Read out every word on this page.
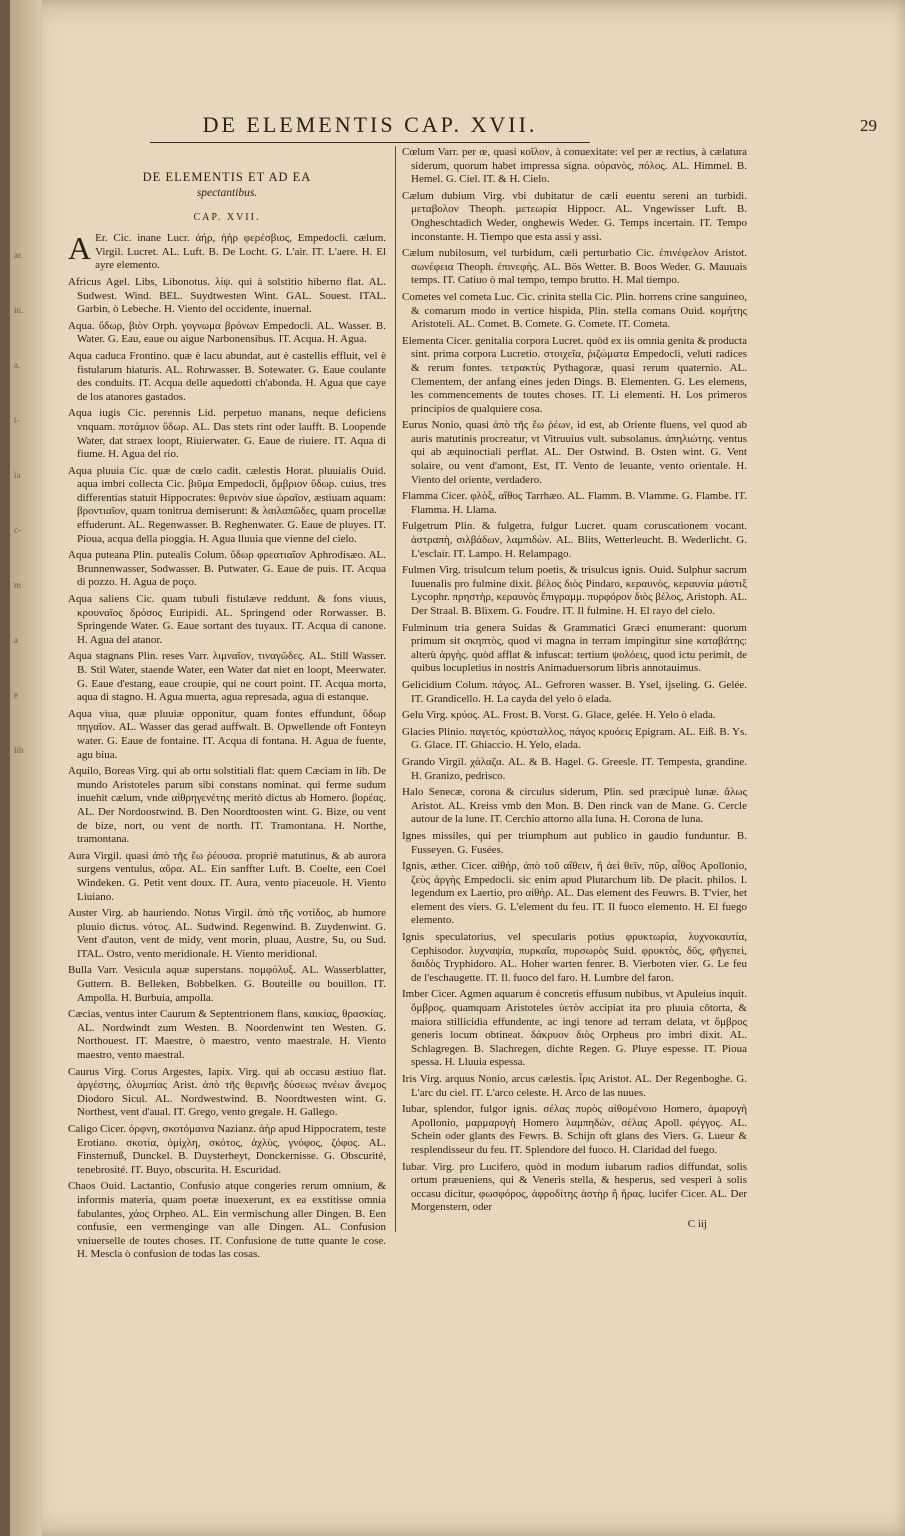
ar.
in.
a.
t-
ia
c-
m
a
e
lib
DE ELEMENTIS CAP. XVII.	29
DE ELEMENTIS ET AD EA
spectantibus.
CAP. XVII.

A Er. Cic. inane Lucr. ἀήρ, ἠὴρ φερέσβιος, Empedocli. cælum. Virgil. Lucret. AL. Luft. B. De Locht. G. L'air. IT. L'aere. H. El ayre elemento.

Africus Agel. Libs, Libonotus. λίψ. qui à solstitio hiberno flat. AL. Sudwest. Wind. BEL. Suydtwesten Wint. GAL. Souest. ITAL. Garbin, ò Lebeche. H. Viento del occidente, inuernal.

Aqua. ὕδωρ, βιὸν Orph. γογνωμα βρόνων Empedocli. AL. Wasser. B. Water. G. Eau, eaue ou aigue Narbonensibus. IT. Acqua. H. Agua.

Aqua caduca Frontino. quæ è lacu abundat, aut è castellis effluit, vel è fistularum hiaturis. AL. Rohrwasser. B. Sotewater. G. Eaue coulante des conduits. IT. Acqua delle aquedotti ch'abonda. H. Agua que caye de los atanores gastados.

Aqua iugis Cic. perennis Lid. perpetuo manans, neque deficiens vnquam. ποτάμιον ὕδωρ. AL. Das stets rint oder laufft. B. Loopende Water, dat straex loopt, Riuierwater. G. Eaue de riuiere. IT. Aqua di fiume. H. Agua del rio.

Aqua pluuia Cic. quæ de cœlo cadit. cælestis Horat. pluuialis Ouid. aqua imbri collecta Cic. βιῦμα Empedocli, ὄμβριον ὕδωρ. cuius, tres differentias statuit Hippocrates: θερινὸν siue ὡραῖον, æstiuam aquam: βροντιαῖον, quam tonitrua demiserunt: & λαιλαπῶδες, quam procellæ effuderunt. AL. Regenwasser. B. Reghenwater. G. Eaue de pluyes. IT. Pioua, acqua della pioggia. H. Agua lluuia que vienne del cielo.

Aqua puteana Plin. putealis Colum. ὕδωρ φρεατιαῖον Aphrodisæo. AL. Brunnenwasser, Sodwasser. B. Putwater. G. Eaue de puis. IT. Acqua di pozzo. H. Agua de poço.

Aqua saliens Cic. quam tubuli fistulæve reddunt. & fons viuus, κρουναῖος δρόσος Euripidi. AL. Springend oder Rorwasser. B. Springende Water. G. Eaue sortant des tuyaux. IT. Acqua di canone. H. Agua del atanor.

Aqua stagnans Plin. reses Varr. λιμναῖον, τιναγῶδες. AL. Still Wasser. B. Stil Water, staende Water, een Water dat niet en loopt, Meerwater. G. Eaue d'estang, eaue croupie, qui ne court point. IT. Acqua morta, aqua di stagno. H. Agua muerta, agua represada, agua di estanque.

Aqua viua, quæ pluuiæ opponitur, quam fontes effundunt, ὕδωρ πηγαῖον. AL. Wasser das gerad auffwalt. B. Opwellende oft Fonteyn water. G. Eaue de fontaine. IT. Acqua di fontana. H. Agua de fuente, agu biua.

Aquilo, Boreas Virg. qui ab ortu solstitiali flat: quem Cæciam in lib. De mundo Aristoteles parum sibi constans nominat. qui ferme sudum inuehit cælum, vnde αἰθρηγενέτης meritò dictus ab Homero. βορέας. AL. Der Nordoostwind. B. Den Noordtoosten wint. G. Bize, ou vent de bize, nort, ou vent de north. IT. Tramontana. H. Northe, tramontana.

Aura Virgil. quasi ἀπὸ τῆς ἕω ῥέουσα. propriè matutinus, & ab aurora surgens ventulus, αὔρα. AL. Ein sanffter Luft. B. Coelte, een Coel Windeken. G. Petit vent doux. IT. Aura, vento piaceuole. H. Viento Liuiano.

Auster Virg. ab hauriendo. Notus Virgil. ἀπὸ τῆς νοτίδος, ab humore pluuio dictus. νότος. AL. Sudwind. Regenwind. B. Zuydenwint. G. Vent d'auton, vent de midy, vent morin, pluau, Austre, Su, ou Sud. ITAL. Ostro, vento meridionale. H. Viento meridional.

Bulla Varr. Vesicula aquæ superstans. πομφόλυξ. AL. Wasserblatter, Guttern. B. Belleken, Bobbelken. G. Bouteille ou bouillon. IT. Ampolla. H. Burbuia, ampolla.

Cæcias, ventus inter Caurum & Septentrionem flans, καικίας, θρασκίας. AL. Nordwindt zum Westen. B. Noordenwint ten Westen. G. Northouest. IT. Maestre, ò maestro, vento maestrale. H. Viento maestro, vento maestral.

Caurus Virg. Corus Argestes, Iapix. Virg. qui ab occasu æstiuo flat. ἀργέστης, ὀλυμπίας Arist. ἀπὸ τῆς θερινῆς δύσεως πνέων ἄνεμος Diodoro Sicul. AL. Nordwestwind. B. Noordtwesten wint. G. Northest, vent d'aual. IT. Grego, vento gregale. H. Gallego.

Caligo Cicer. ὀρφνη, σκοτόμαινα Nazianz. ἀὴρ apud Hippocratem, teste Erotiano. σκοτία, ὀμίχλη, σκότος, ἀχλὺς, γνόφος, ζόφος. AL. Finsternuß, Dunckel. B. Duysterheyt, Donckernisse. G. Obscurité, tenebrosité. IT. Buyo, obscurita. H. Escuridad.

Chaos Ouid. Lactantio, Confusio atque congeries rerum omnium, & informis materia, quam poetæ inuexerunt, ex ea exstitisse omnia fabulantes, χάος Orpheo. AL. Ein vermischung aller Dingen. B. Een confusie, een vermenginge van alle Dingen. AL. Confusion vniuerselle de toutes choses. IT. Confusione de tutte quante le cose. H. Mescla ò confusion de todas las cosas.

Cœlum Varr. per œ, quasi κοῖλον, à conuexitate: vel per æ rectius, à cælatura siderum, quorum habet impressa signa. οὐρανὸς, πόλος. AL. Himmel. B. Hemel. G. Ciel. IT. & H. Cielo.

Cælum dubium Virg. vbi dubitatur de cæli euentu sereni an turbidi. μεταβολον Theoph. μετεωρία Hippocr. AL. Vngewisser Luft. B. Ongheschtadich Weder, onghewis Weder. G. Temps incertain. IT. Tempo inconstante. H. Tiempo que esta assi y assi.

Cælum nubilosum, vel turbidum, cæli perturbatio Cic. ἐπινέφελον Aristot. σωνέφεια Theoph. ἐπινεφὴς. AL. Bös Wetter. B. Boos Weder. G. Mauuais temps. IT. Catiuo ò mal tempo, tempo brutto. H. Mal tiempo.

Cometes vel cometa Luc. Cic. crinita stella Cic. Plin. horrens crine sanguineo, & comarum modo in vertice hispida, Plin. stella comans Ouid. κομήτης Aristoteli. AL. Comet. B. Comete. G. Comete. IT. Cometa.

Elementa Cicer. genitalia corpora Lucret. quòd ex iis omnia genita & producta sint. prima corpora Lucretio. στοιχεῖα, ῥιζώματα Empedocli, veluti radices & rerum fontes. τετρακτὺς Pythagoræ, quasi rerum quaternio. AL. Clementem, der anfang eines jeden Dings. B. Elementen. G. Les elemens, les commencements de toutes choses. IT. Li elementi. H. Los primeros principios de qualquiere cosa.

Eurus Nonio, quasi ἀπὸ τῆς ἕω ῥέων, id est, ab Oriente fluens, vel quod ab auris matutinis procreatur, vt Vitruuius vult. subsolanus. ἀπηλιώτης. ventus qui ab æquinoctiali perflat. AL. Der Ostwind. B. Osten wint. G. Vent solaire, ou vent d'amont, Est, IT. Vento de leuante, vento orientale. H. Viento del oriente, verdadero.

Flamma Cicer. φλὸξ, αἴθος Tarrhæo. AL. Flamm. B. Vlamme. G. Flambe. IT. Flamma. H. Llama.

Fulgetrum Plin. & fulgetra, fulgur Lucret. quam coruscationem vocant. ἀστραπὴ, σιλβάδων, λαμπιδὼν. AL. Blits, Wetterleucht. B. Wederlicht. G. L'esclair. IT. Lampo. H. Relampago.

Fulmen Virg. trisulcum telum poetis, & trisulcus ignis. Ouid. Sulphur sacrum Iuuenalis pro fulmine dixit. βέλος διὸς Pindaro, κεραυνὸς, κεραυνία μάστιξ Lycophr. πρηστὴρ, κεραυνὸς ἔπιγραμμ. πυρφόρον διὸς βέλος, Aristoph. AL. Der Straal. B. Blixem. G. Foudre. IT. Il fulmine. H. El rayo del cielo.

Fulminum tria genera Suidas & Grammatici Græci enumerant: quorum primum sit σκηπτὸς, quod vi magna in terram impingitur sine καταβάτης: alterù ἀργὴς. quòd afflat & infuscat: tertium ψολόεις, quod ictu perimit, de quibus locupletius in nostris Animaduersorum libris annotauimus.

Gelicidium Colum. πάγος. AL. Gefroren wasser. B. Ysel, ijseling. G. Gelée. IT. Grandicello. H. La cayda del yelo ò elada.

Gelu Virg. κρύος. AL. Frost. B. Vorst. G. Glace, gelée. H. Yelo ò elada.

Glacies Plinio. παγετός, κρύσταλλος, πάγος κρυόεις Epigram. AL. Eiß. B. Ys. G. Glace. IT. Ghiaccio. H. Yelo, elada.

Grando Virgil. χάλαζα. AL. & B. Hagel. G. Greesle. IT. Tempesta, grandine. H. Granizo, pedrisco.

Halo Senecæ, corona & circulus siderum, Plin. sed præcipuè lunæ. ἅλως Aristot. AL. Kreiss vmb den Mon. B. Den rinck van de Mane. G. Cercle autour de la lune. IT. Cerchio attorno alla luna. H. Corona de luna.

Ignes missiles, qui per triumphum aut publico in gaudio funduntur. B. Fusseyen. G. Fusées.

Ignis, æther. Cicer. αἰθήρ, ἀπὸ τοῦ αἴθειν, ἢ ἀεὶ θεῖν, πῦρ, αἶθος Apollonio, ζεὺς ἀργὴς Empedocli. sic enim apud Plutarchum lib. De placit. philos. I. legendum ex Laertio, pro αἰθὴρ. AL. Das element des Feuwrs. B. T'vier, het element des viers. G. L'element du feu. IT. Il fuoco elemento. H. El fuego elemento.

Ignis speculatorius, vel specularis potius φρυκτωρία, λυχνοκαυτία, Cephisodor. λυχναψία, πυρκαΐα, πυρσωρὸς Suid. φρυκτὸς, δῦς, φῆγεπεὶ, δαιδὸς Tryphidoro. AL. Hoher warten fenrer. B. Vierboten vier. G. Le feu de l'eschaugette. IT. Il. fuoco del faro. H. Lumbre del faron.

Imber Cicer. Agmen aquarum è concretis effusum nubibus, vt Apuleius inquit. ὄμβρος. quamquam Aristoteles ὑετὸν accipiat ita pro pluuia cōtorta, & maiora stillicidia effundente, ac ingi tenore ad terram delata, vt ὄμβρος generis locum obtineat. δάκρυον διὸς Orpheus pro imbri dixit. AL. Schlagregen. B. Slachregen, dichte Regen. G. Pluye espesse. IT. Pioua spessa. H. Lluuia espessa.

Iris Virg. arquus Nonio, arcus cælestis. ἶρις Aristot. AL. Der Regenboghe. G. L'arc du ciel. IT. L'arco celeste. H. Arco de las nuues.

Iubar, splendor, fulgor ignis. σέλας πυρὸς αἰθομένοιο Homero, ἀμαρυγὴ Apollonio, μαρμαρυγὴ Homero λαμπηδὼν, σέλας Apoll. φέγγος. AL. Schein oder glants des Fewrs. B. Schijn oft glans des Viers. G. Lueur & resplendisseur du feu. IT. Splendore del fuoco. H. Claridad del fuego.

Iubar. Virg. pro Lucifero, quòd in modum iubarum radios diffundat, solis ortum præueniens, qui & Veneris stella, & hesperus, sed vesperi à solis occasu dicitur, φωσφόρος, ἀφροδίτης ἀστὴρ ἢ ἥρας. lucifer Cicer. AL. Der Morgenstern, oder

C iij
